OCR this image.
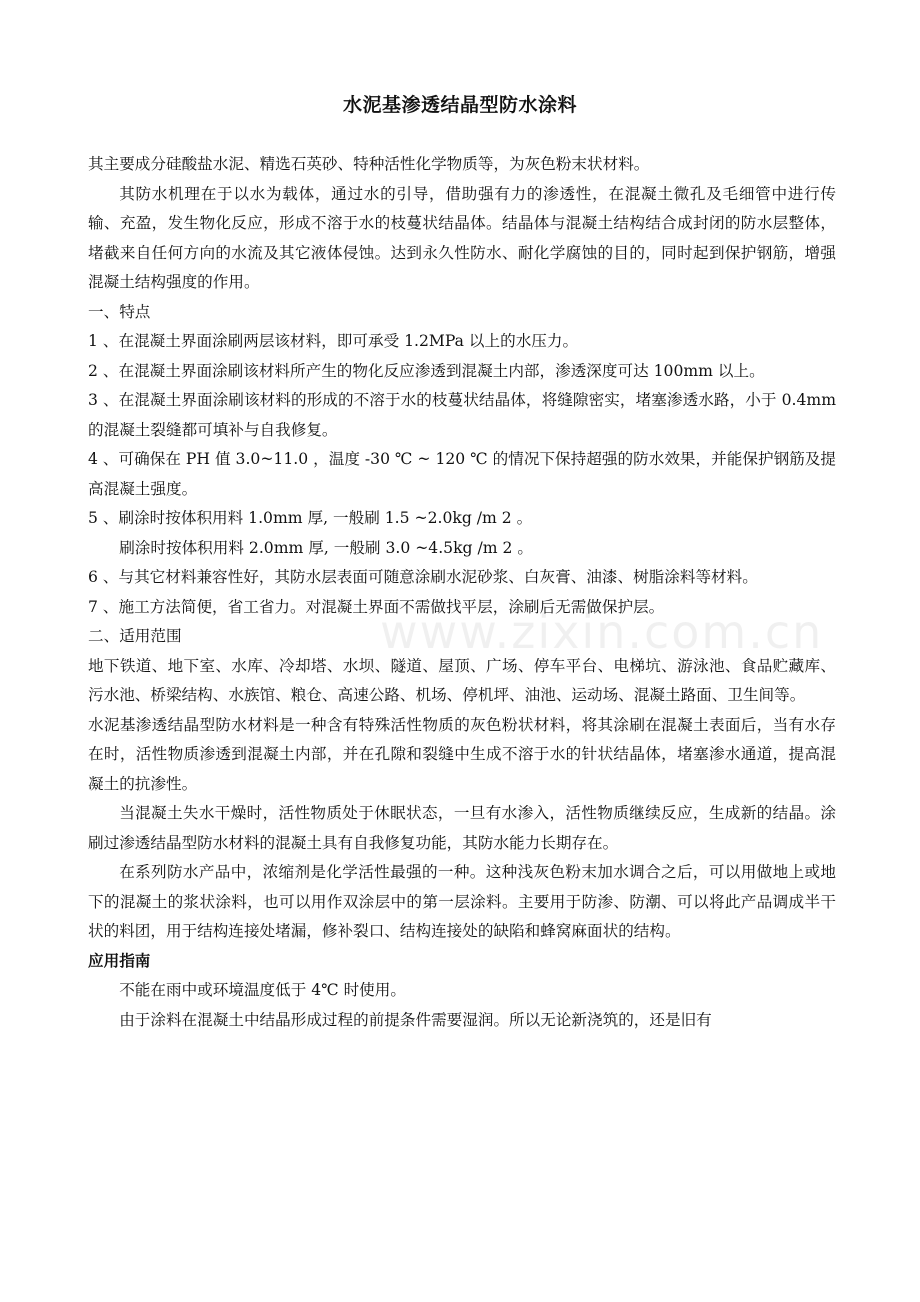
www.zixin.com.cn
水泥基渗透结晶型防水涂料

其主要成分硅酸盐水泥、精选石英砂、特种活性化学物质等，为灰色粉末状材料。

其防水机理在于以水为载体，通过水的引导，借助强有力的渗透性，在混凝土微孔及毛细管中进行传输、充盈，发生物化反应，形成不溶于水的枝蔓状结晶体。结晶体与混凝土结构结合成封闭的防水层整体，堵截来自任何方向的水流及其它液体侵蚀。达到永久性防水、耐化学腐蚀的目的，同时起到保护钢筋，增强混凝土结构强度的作用。

一、特点

1 、在混凝土界面涂刷两层该材料，即可承受 1.2MPa 以上的水压力。

2 、在混凝土界面涂刷该材料所产生的物化反应渗透到混凝土内部，渗透深度可达 100mm 以上。

3 、在混凝土界面涂刷该材料的形成的不溶于水的枝蔓状结晶体，将缝隙密实，堵塞渗透水路，小于 0.4mm 的混凝土裂缝都可填补与自我修复。

4 、可确保在 PH 值 3.0~11.0 ，温度 -30 ℃ ~ 120 ℃ 的情况下保持超强的防水效果，并能保护钢筋及提高混凝土强度。

5 、刷涂时按体积用料 1.0mm 厚, 一般刷 1.5 ~2.0kg /m 2 。

刷涂时按体积用料 2.0mm 厚, 一般刷 3.0 ~4.5kg /m 2 。

6 、与其它材料兼容性好，其防水层表面可随意涂刷水泥砂浆、白灰膏、油漆、树脂涂料等材料。

7 、施工方法简便，省工省力。对混凝土界面不需做找平层，涂刷后无需做保护层。

二、适用范围

地下铁道、地下室、水库、冷却塔、水坝、隧道、屋顶、广场、停车平台、电梯坑、游泳池、食品贮藏库、污水池、桥梁结构、水族馆、粮仓、高速公路、机场、停机坪、油池、运动场、混凝土路面、卫生间等。

水泥基渗透结晶型防水材料是一种含有特殊活性物质的灰色粉状材料，将其涂刷在混凝土表面后，当有水存在时，活性物质渗透到混凝土内部，并在孔隙和裂缝中生成不溶于水的针状结晶体，堵塞渗水通道，提高混凝土的抗渗性。

当混凝土失水干燥时，活性物质处于休眠状态，一旦有水渗入，活性物质继续反应，生成新的结晶。涂刷过渗透结晶型防水材料的混凝土具有自我修复功能，其防水能力长期存在。

在系列防水产品中，浓缩剂是化学活性最强的一种。这种浅灰色粉末加水调合之后，可以用做地上或地下的混凝土的浆状涂料，也可以用作双涂层中的第一层涂料。主要用于防渗、防潮、可以将此产品调成半干状的料团，用于结构连接处堵漏，修补裂口、结构连接处的缺陷和蜂窝麻面状的结构。

应用指南

不能在雨中或环境温度低于 4℃ 时使用。

由于涂料在混凝土中结晶形成过程的前提条件需要湿润。所以无论新浇筑的，还是旧有
